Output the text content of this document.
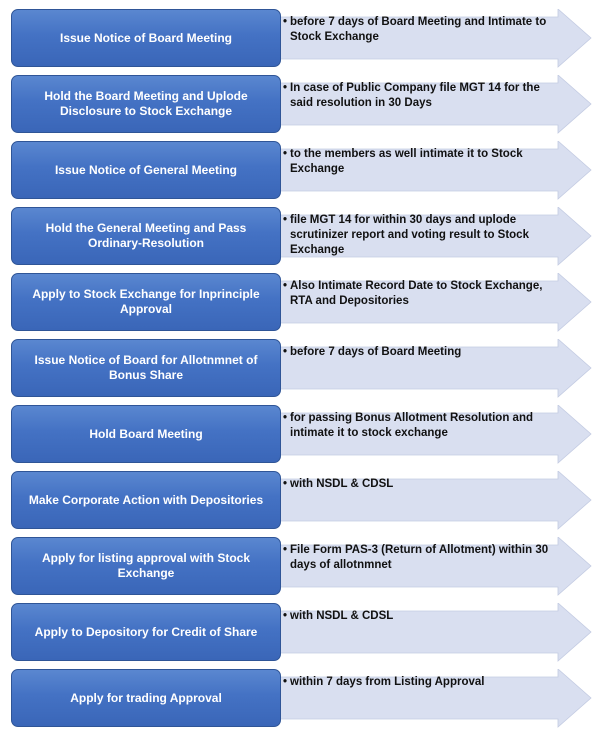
Issue Notice of Board Meeting
• before 7 days of Board Meeting and Intimate to Stock Exchange
Hold the Board Meeting and Uplode Disclosure to Stock Exchange
• In case of Public Company file MGT 14 for the said resolution in 30 Days
Issue Notice of General Meeting
• to the members as well intimate it to Stock Exchange
Hold the General Meeting and Pass Ordinary-Resolution
• file MGT 14 for within 30 days and uplode scrutinizer report and voting result to Stock Exchange
Apply to Stock Exchange for Inprinciple Approval
• Also Intimate Record Date to Stock Exchange, RTA and Depositories
Issue Notice of Board for Allotnmnet of Bonus Share
• before 7 days of Board Meeting
Hold Board Meeting
• for passing Bonus Allotment Resolution and intimate it to stock exchange
Make Corporate Action with Depositories
• with NSDL & CDSL
Apply for listing approval with Stock Exchange
• File Form PAS-3 (Return of Allotment) within 30 days of allotnmnet
Apply to Depository for Credit of Share
• with NSDL & CDSL
Apply for trading Approval
• within 7 days from Listing Approval
